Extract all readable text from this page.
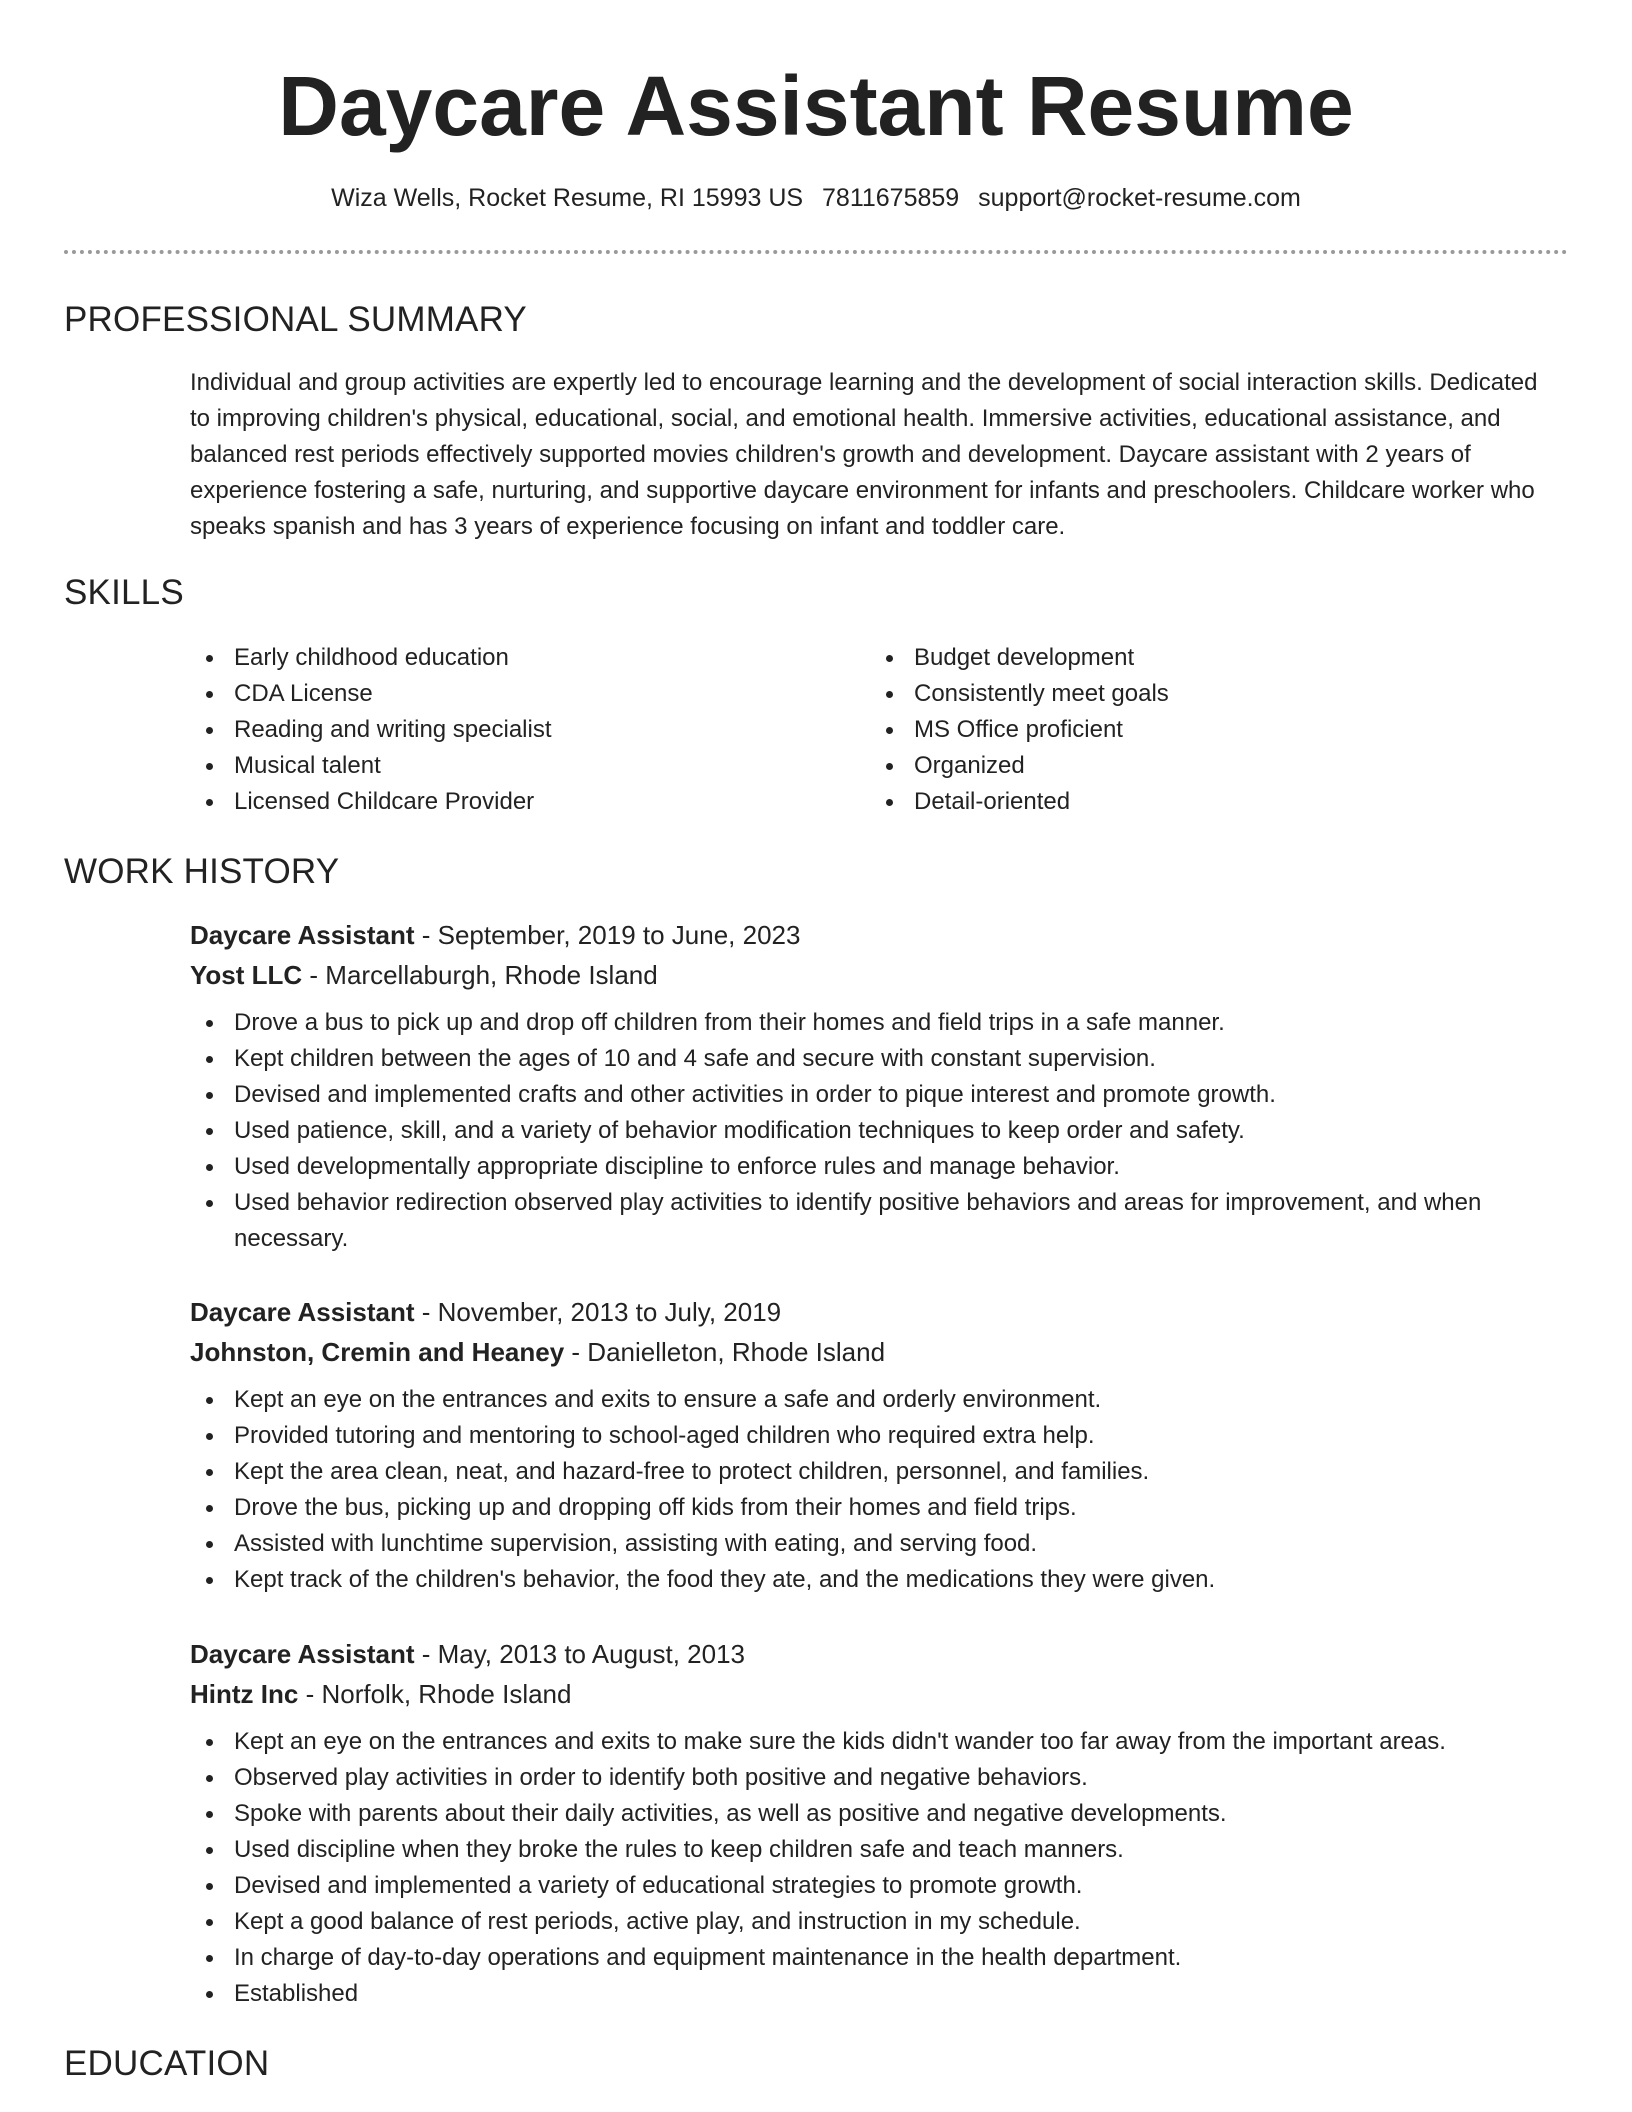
Daycare Assistant Resume
Wiza Wells, Rocket Resume, RI 15993 US 7811675859 support@rocket-resume.com
PROFESSIONAL SUMMARY

Individual and group activities are expertly led to encourage learning and the development of social interaction skills. Dedicated to improving children's physical, educational, social, and emotional health. Immersive activities, educational assistance, and balanced rest periods effectively supported movies children's growth and development. Daycare assistant with 2 years of experience fostering a safe, nurturing, and supportive daycare environment for infants and preschoolers. Childcare worker who speaks spanish and has 3 years of experience focusing on infant and toddler care.

SKILLS
Early childhood education
CDA License
Reading and writing specialist
Musical talent
Licensed Childcare Provider
Budget development
Consistently meet goals
MS Office proficient
Organized
Detail-oriented
WORK HISTORY
Daycare Assistant - September, 2019 to June, 2023
Yost LLC - Marcellaburgh, Rhode Island
Drove a bus to pick up and drop off children from their homes and field trips in a safe manner.
Kept children between the ages of 10 and 4 safe and secure with constant supervision.
Devised and implemented crafts and other activities in order to pique interest and promote growth.
Used patience, skill, and a variety of behavior modification techniques to keep order and safety.
Used developmentally appropriate discipline to enforce rules and manage behavior.
Used behavior redirection observed play activities to identify positive behaviors and areas for improvement, and when necessary.
Daycare Assistant - November, 2013 to July, 2019
Johnston, Cremin and Heaney - Danielleton, Rhode Island
Kept an eye on the entrances and exits to ensure a safe and orderly environment.
Provided tutoring and mentoring to school-aged children who required extra help.
Kept the area clean, neat, and hazard-free to protect children, personnel, and families.
Drove the bus, picking up and dropping off kids from their homes and field trips.
Assisted with lunchtime supervision, assisting with eating, and serving food.
Kept track of the children's behavior, the food they ate, and the medications they were given.
Daycare Assistant - May, 2013 to August, 2013
Hintz Inc - Norfolk, Rhode Island
Kept an eye on the entrances and exits to make sure the kids didn't wander too far away from the important areas.
Observed play activities in order to identify both positive and negative behaviors.
Spoke with parents about their daily activities, as well as positive and negative developments.
Used discipline when they broke the rules to keep children safe and teach manners.
Devised and implemented a variety of educational strategies to promote growth.
Kept a good balance of rest periods, active play, and instruction in my schedule.
In charge of day-to-day operations and equipment maintenance in the health department.
Established
EDUCATION
